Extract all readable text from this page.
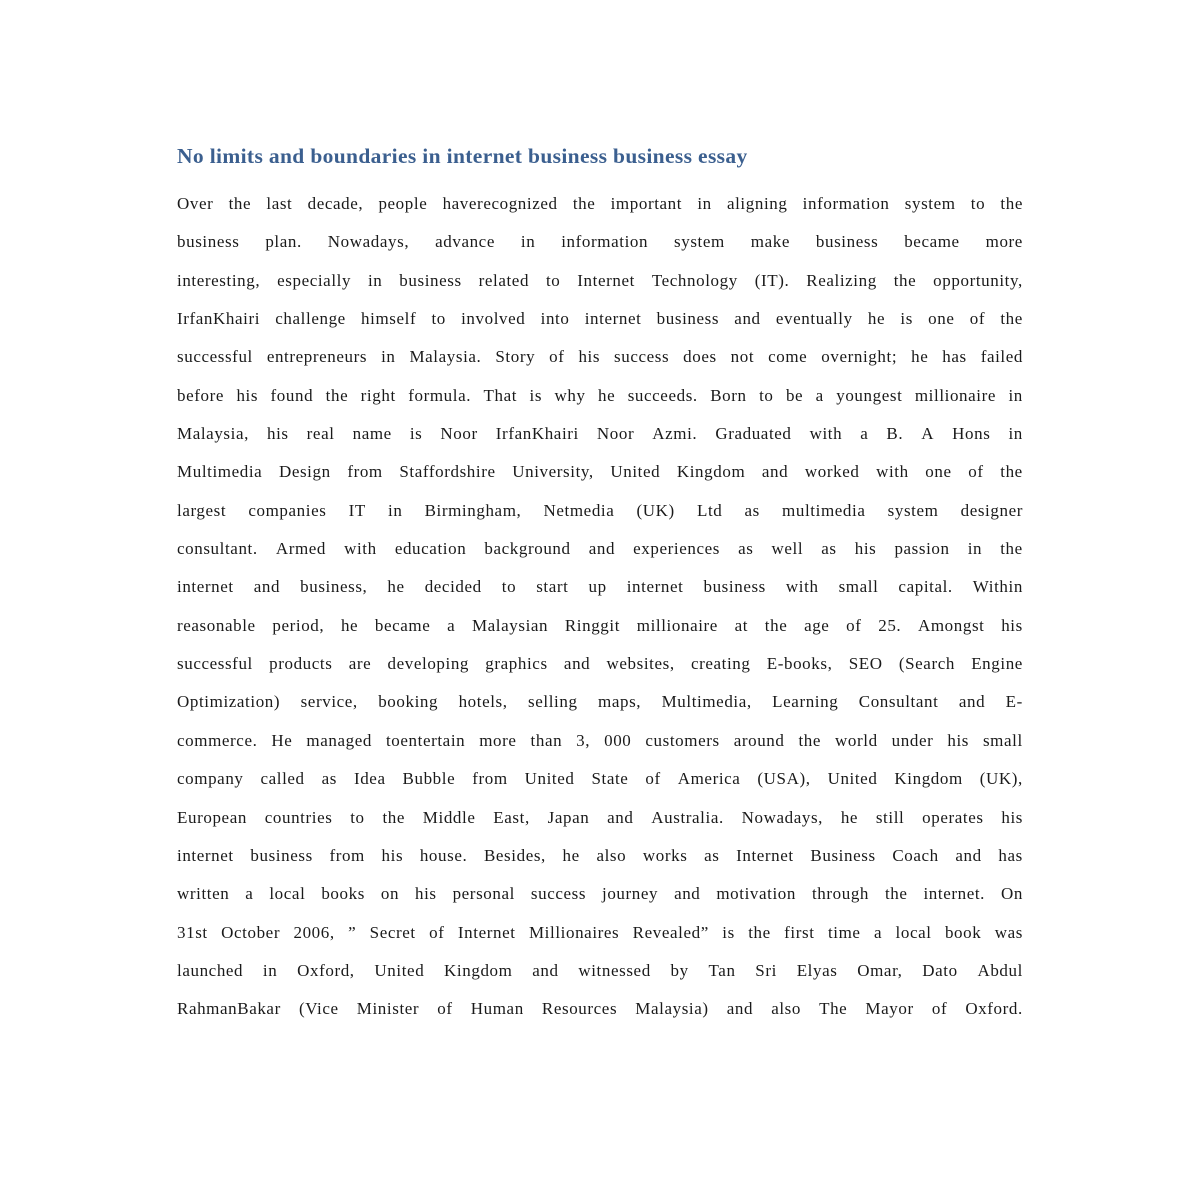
No limits and boundaries in internet business business essay
Over the last decade, people haverecognized the important in aligning information system to the
business plan. Nowadays, advance in information system make business became more
interesting, especially in business related to Internet Technology (IT). Realizing the opportunity,
IrfanKhairi challenge himself to involved into internet business and eventually he is one of the
successful entrepreneurs in Malaysia. Story of his success does not come overnight; he has failed
before his found the right formula. That is why he succeeds. Born to be a youngest millionaire in
Malaysia, his real name is Noor IrfanKhairi Noor Azmi. Graduated with a B. A Hons in
Multimedia Design from Staffordshire University, United Kingdom and worked with one of the
largest companies IT in Birmingham, Netmedia (UK) Ltd as multimedia system designer
consultant. Armed with education background and experiences as well as his passion in the
internet and business, he decided to start up internet business with small capital. Within
reasonable period, he became a Malaysian Ringgit millionaire at the age of 25. Amongst his
successful products are developing graphics and websites, creating E-books, SEO (Search Engine
Optimization) service, booking hotels, selling maps, Multimedia, Learning Consultant and E-
commerce. He managed toentertain more than 3, 000 customers around the world under his small
company called as Idea Bubble from United State of America (USA), United Kingdom (UK),
European countries to the Middle East, Japan and Australia. Nowadays, he still operates his
internet business from his house. Besides, he also works as Internet Business Coach and has
written a local books on his personal success journey and motivation through the internet. On
31st October 2006, ” Secret of Internet Millionaires Revealed” is the first time a local book was
launched in Oxford, United Kingdom and witnessed by Tan Sri Elyas Omar, Dato Abdul
RahmanBakar (Vice Minister of Human Resources Malaysia) and also The Mayor of Oxford.
